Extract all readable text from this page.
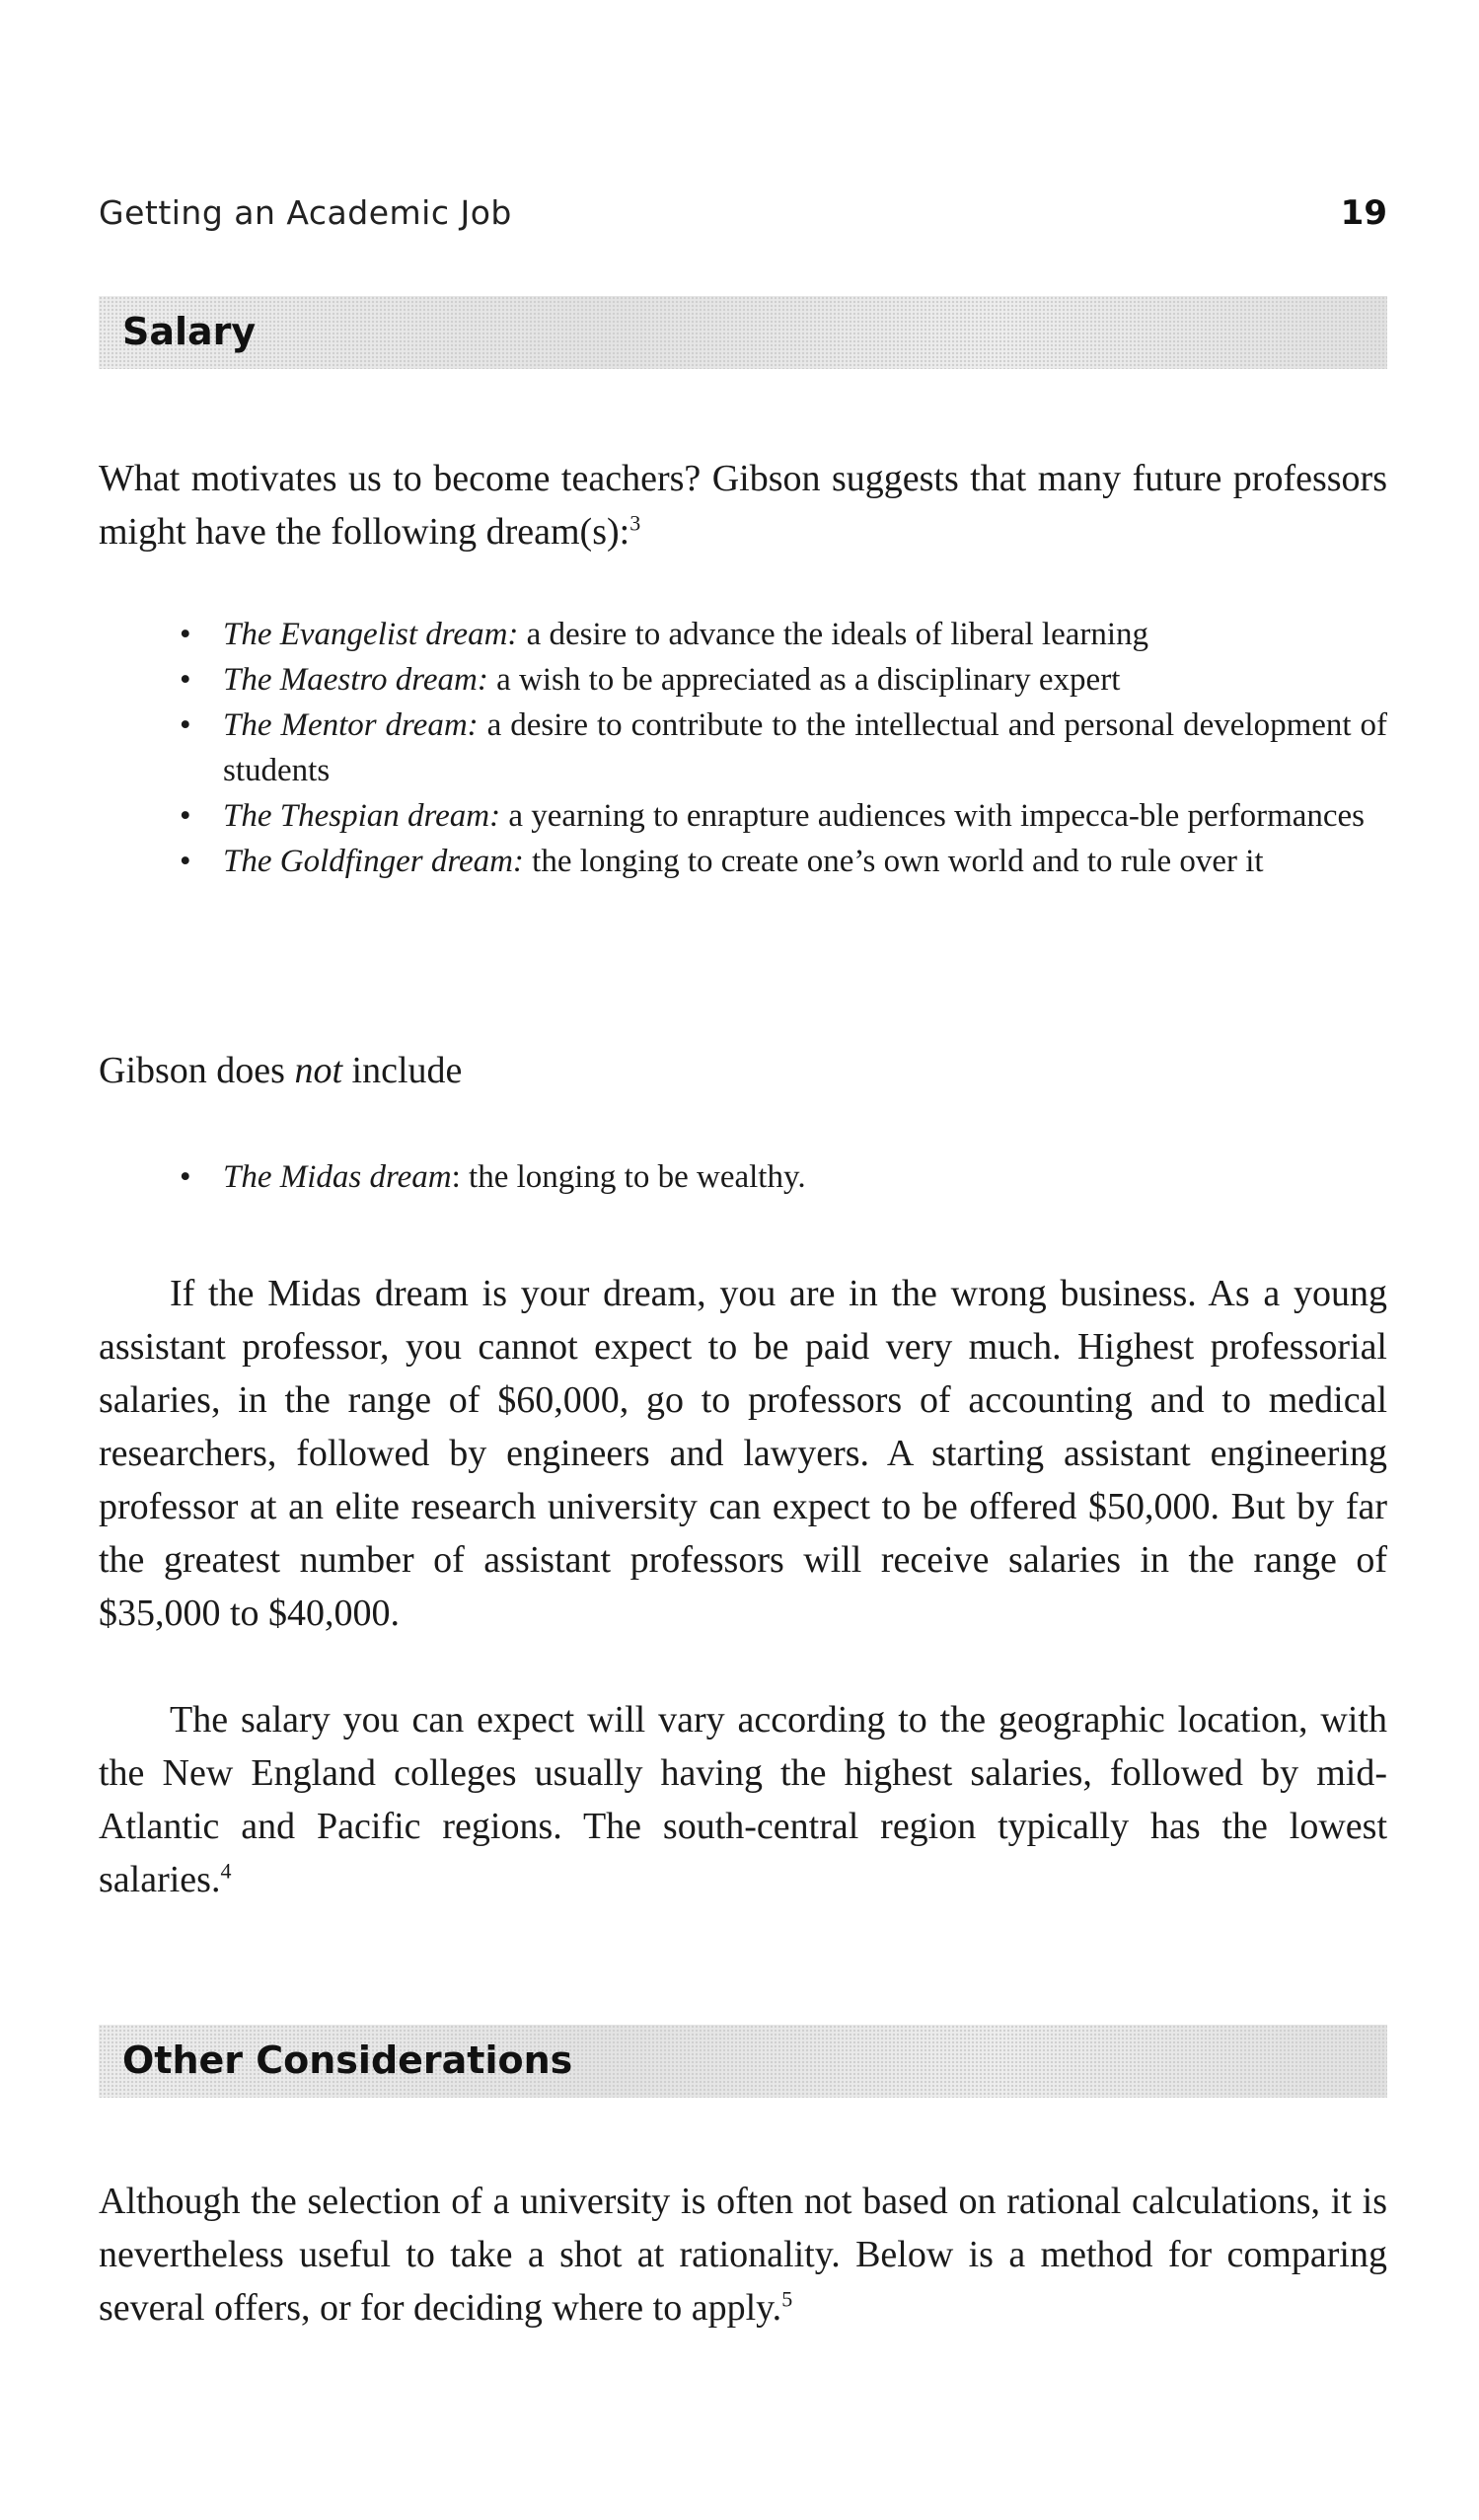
Getting an Academic Job	19
Salary

What motivates us to become teachers? Gibson suggests that many future professors might have the following dream(s):$^3$

• The Evangelist dream: a desire to advance the ideals of liberal learning
• The Maestro dream: a wish to be appreciated as a disciplinary expert
• The Mentor dream: a desire to contribute to the intellectual and personal development of students
• The Thespian dream: a yearning to enrapture audiences with impecca-ble performances
• The Goldfinger dream: the longing to create one’s own world and to rule over it

Gibson does not include

• The Midas dream: the longing to be wealthy.

If the Midas dream is your dream, you are in the wrong business. As a young assistant professor, you cannot expect to be paid very much. Highest professorial salaries, in the range of $60,000, go to professors of accounting and to medical researchers, followed by engineers and lawyers. A starting assistant engineering professor at an elite research university can expect to be offered $50,000. But by far the greatest number of assistant professors will receive salaries in the range of $35,000 to $40,000.

The salary you can expect will vary according to the geographic location, with the New England colleges usually having the highest salaries, followed by mid-Atlantic and Pacific regions. The south-central region typically has the lowest salaries.$^4$

Other Considerations

Although the selection of a university is often not based on rational calculations, it is nevertheless useful to take a shot at rationality. Below is a method for comparing several offers, or for deciding where to apply.$^5$
